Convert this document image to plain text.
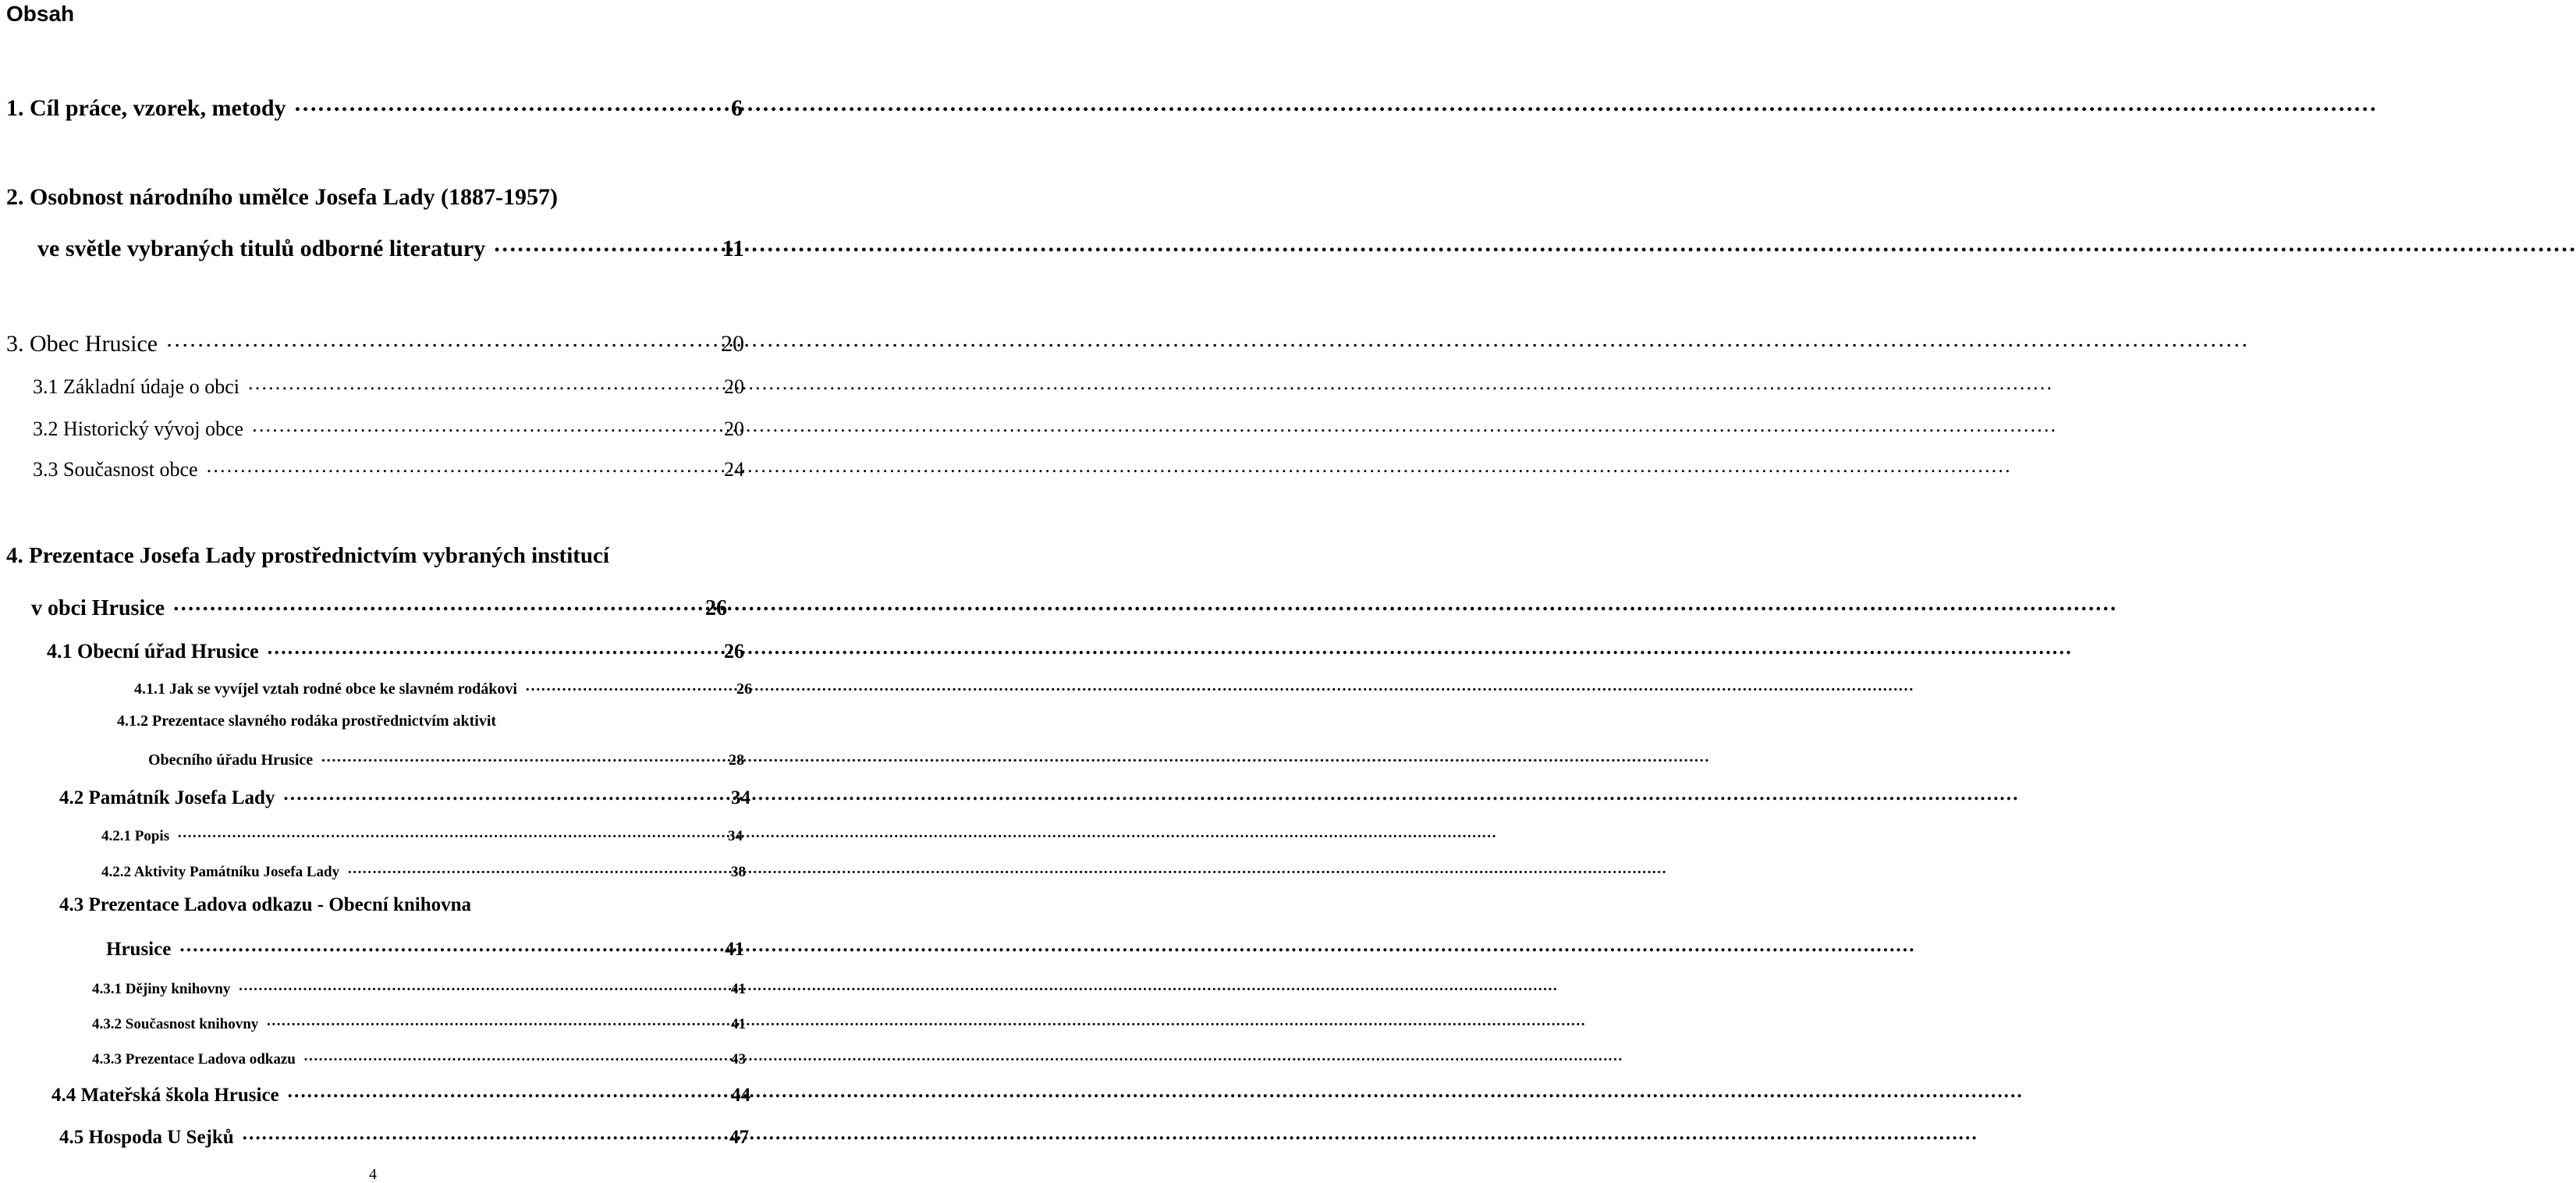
Obsah
1. Cíl práce, vzorek, metody ……………………………………………………………………………………………………………………………………………………………………………………………………………………………………………	6
2. Osobnost národního umělce Josefa Lady (1887-1957)
ve světle vybraných titulů odborné literatury ……………………………………………………………………………………………………………………………………………………………………………………………………………………………………………	11
3. Obec Hrusice ……………………………………………………………………………………………………………………………………………………………………………………………………………………………………………	20
3.1 Základní údaje o obci ……………………………………………………………………………………………………………………………………………………………………………………………………………………………………………	20
3.2 Historický vývoj obce ……………………………………………………………………………………………………………………………………………………………………………………………………………………………………………	20
3.3 Současnost obce ……………………………………………………………………………………………………………………………………………………………………………………………………………………………………………	24
4. Prezentace Josefa Lady prostřednictvím vybraných institucí
v obci Hrusice ……………………………………………………………………………………………………………………………………………………………………………………………………………………………………………	26
4.1 Obecní úřad Hrusice ……………………………………………………………………………………………………………………………………………………………………………………………………………………………………………	26
4.1.1 Jak se vyvíjel vztah rodné obce ke slavném rodákovi ……………………………………………………………………………………………………………………………………………………………………………………………………………………………………………	26
4.1.2 Prezentace slavného rodáka prostřednictvím aktivit
Obecního úřadu Hrusice ……………………………………………………………………………………………………………………………………………………………………………………………………………………………………………	28
4.2 Památník Josefa Lady ……………………………………………………………………………………………………………………………………………………………………………………………………………………………………………	34
4.2.1 Popis ……………………………………………………………………………………………………………………………………………………………………………………………………………………………………………	34
4.2.2 Aktivity Památníku Josefa Lady ……………………………………………………………………………………………………………………………………………………………………………………………………………………………………………	38
4.3 Prezentace Ladova odkazu - Obecní knihovna
Hrusice ……………………………………………………………………………………………………………………………………………………………………………………………………………………………………………	41
4.3.1 Dějiny knihovny ……………………………………………………………………………………………………………………………………………………………………………………………………………………………………………	41
4.3.2 Současnost knihovny ……………………………………………………………………………………………………………………………………………………………………………………………………………………………………………	41
4.3.3 Prezentace Ladova odkazu ……………………………………………………………………………………………………………………………………………………………………………………………………………………………………………	43
4.4 Mateřská škola Hrusice ……………………………………………………………………………………………………………………………………………………………………………………………………………………………………………	44
4.5 Hospoda U Sejků ……………………………………………………………………………………………………………………………………………………………………………………………………………………………………………	47
4
